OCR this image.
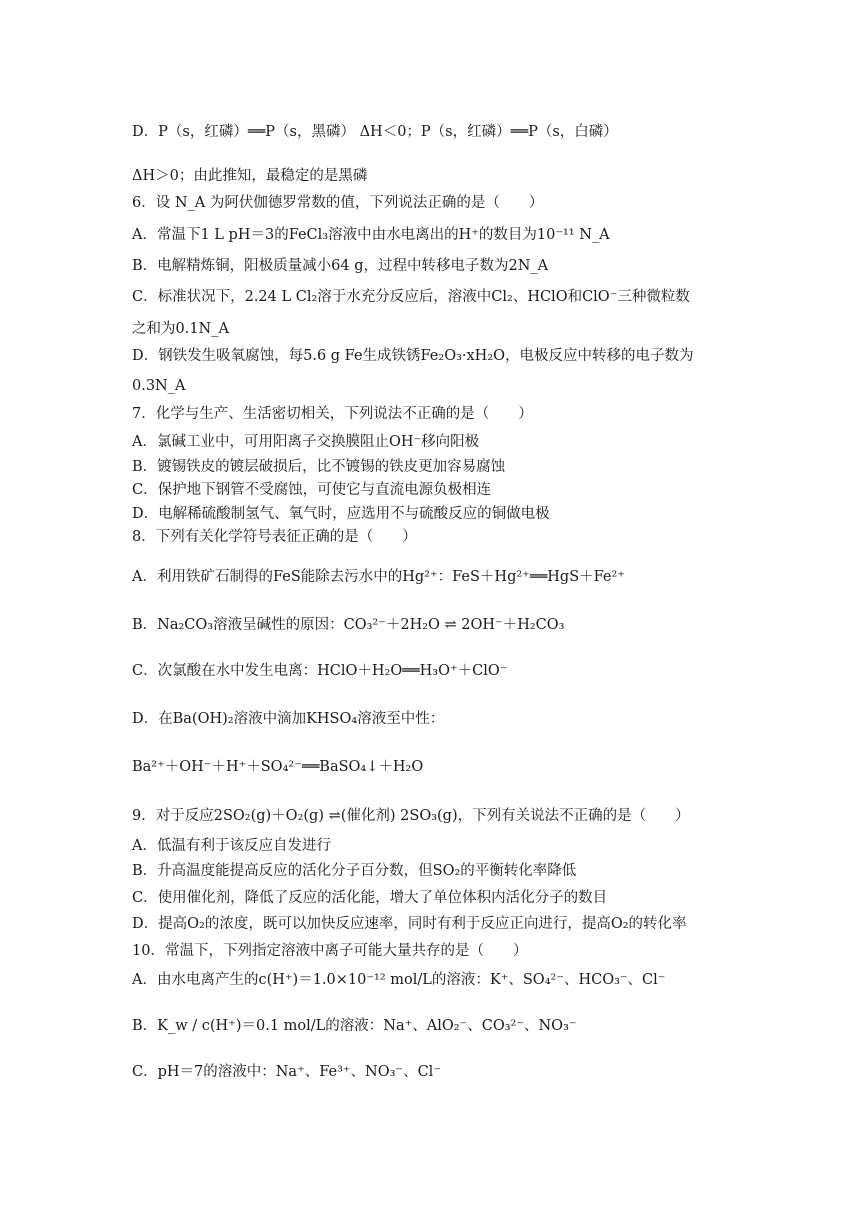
D．P（s，红磷）══P（s，黑磷） ΔH＜0；P（s，红磷）══P（s，白磷）
ΔH＞0；由此推知，最稳定的是黑磷
6．设 N_A 为阿伏伽德罗常数的值，下列说法正确的是（　　）
A．常温下1 L pH＝3的FeCl₃溶液中由水电离出的H⁺的数目为10⁻¹¹ N_A
B．电解精炼铜，阳极质量减小64 g，过程中转移电子数为2N_A
C．标准状况下，2.24 L Cl₂溶于水充分反应后，溶液中Cl₂、HClO和ClO⁻三种微粒数
之和为0.1N_A
D．钢铁发生吸氧腐蚀，每5.6 g Fe生成铁锈Fe₂O₃·xH₂O，电极反应中转移的电子数为
0.3N_A
7．化学与生产、生活密切相关，下列说法不正确的是（　　）
A．氯碱工业中，可用阳离子交换膜阻止OH⁻移向阳极
B．镀锡铁皮的镀层破损后，比不镀锡的铁皮更加容易腐蚀
C．保护地下钢管不受腐蚀，可使它与直流电源负极相连
D．电解稀硫酸制氢气、氧气时，应选用不与硫酸反应的铜做电极
8．下列有关化学符号表征正确的是（　　）
A．利用铁矿石制得的FeS能除去污水中的Hg²⁺：FeS＋Hg²⁺══HgS＋Fe²⁺
B．Na₂CO₃溶液呈碱性的原因：CO₃²⁻＋2H₂O ⇌ 2OH⁻＋H₂CO₃
C．次氯酸在水中发生电离：HClO＋H₂O══H₃O⁺＋ClO⁻
D．在Ba(OH)₂溶液中滴加KHSO₄溶液至中性：
Ba²⁺＋OH⁻＋H⁺＋SO₄²⁻══BaSO₄↓＋H₂O
9．对于反应2SO₂(g)＋O₂(g) ⇌(催化剂) 2SO₃(g)，下列有关说法不正确的是（　　）
A．低温有利于该反应自发进行
B．升高温度能提高反应的活化分子百分数，但SO₂的平衡转化率降低
C．使用催化剂，降低了反应的活化能，增大了单位体积内活化分子的数目
D．提高O₂的浓度，既可以加快反应速率，同时有利于反应正向进行，提高O₂的转化率
10．常温下，下列指定溶液中离子可能大量共存的是（　　）
A．由水电离产生的c(H⁺)＝1.0×10⁻¹² mol/L的溶液：K⁺、SO₄²⁻、HCO₃⁻、Cl⁻
B．K_w / c(H⁺)＝0.1 mol/L的溶液：Na⁺、AlO₂⁻、CO₃²⁻、NO₃⁻
C．pH＝7的溶液中：Na⁺、Fe³⁺、NO₃⁻、Cl⁻
